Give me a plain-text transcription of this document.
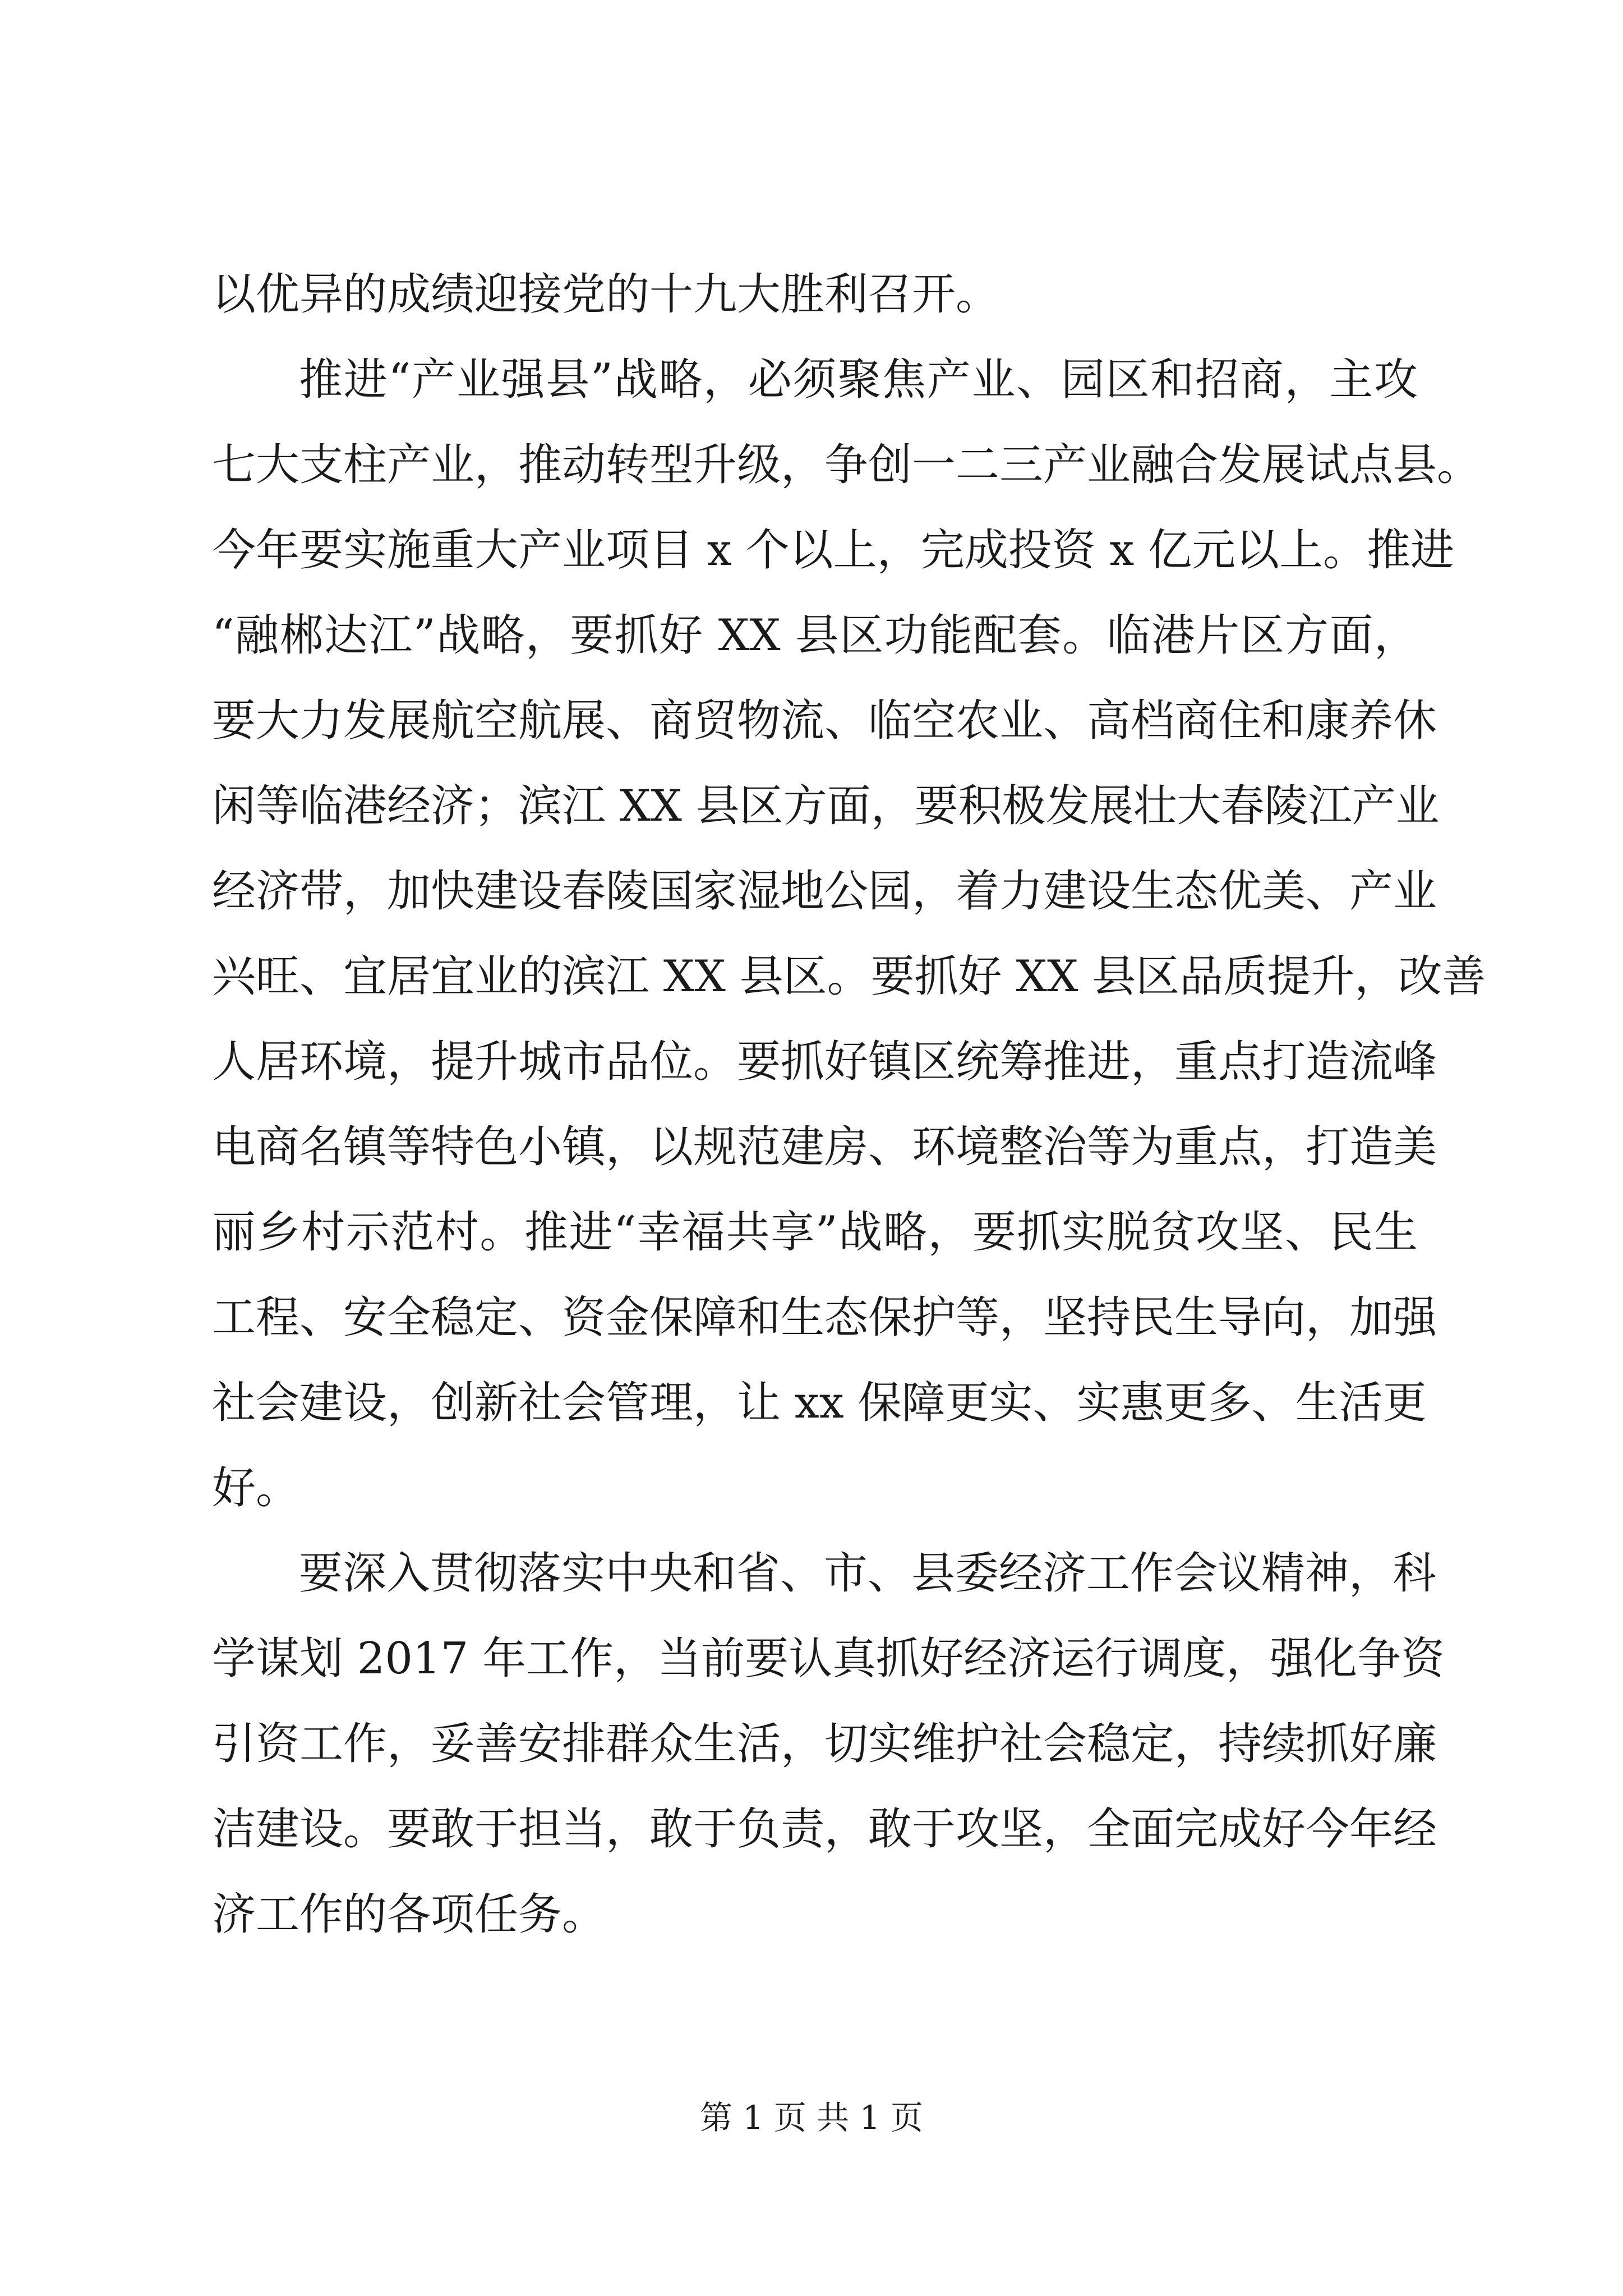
以优异的成绩迎接党的十九大胜利召开。
推进“产业强县”战略，必须聚焦产业、园区和招商，主攻
七大支柱产业，推动转型升级，争创一二三产业融合发展试点县。
今年要实施重大产业项目 x 个以上，完成投资 x 亿元以上。推进
“融郴达江”战略，要抓好 XX 县区功能配套。临港片区方面，
要大力发展航空航展、商贸物流、临空农业、高档商住和康养休
闲等临港经济；滨江 XX 县区方面，要积极发展壮大春陵江产业
经济带，加快建设春陵国家湿地公园，着力建设生态优美、产业
兴旺、宜居宜业的滨江 XX 县区。要抓好 XX 县区品质提升，改善
人居环境，提升城市品位。要抓好镇区统筹推进，重点打造流峰
电商名镇等特色小镇，以规范建房、环境整治等为重点，打造美
丽乡村示范村。推进“幸福共享”战略，要抓实脱贫攻坚、民生
工程、安全稳定、资金保障和生态保护等，坚持民生导向，加强
社会建设，创新社会管理，让 xx 保障更实、实惠更多、生活更
好。
要深入贯彻落实中央和省、市、县委经济工作会议精神，科
学谋划 2017 年工作，当前要认真抓好经济运行调度，强化争资
引资工作，妥善安排群众生活，切实维护社会稳定，持续抓好廉
洁建设。要敢于担当，敢于负责，敢于攻坚，全面完成好今年经
济工作的各项任务。
第 1 页 共 1 页
